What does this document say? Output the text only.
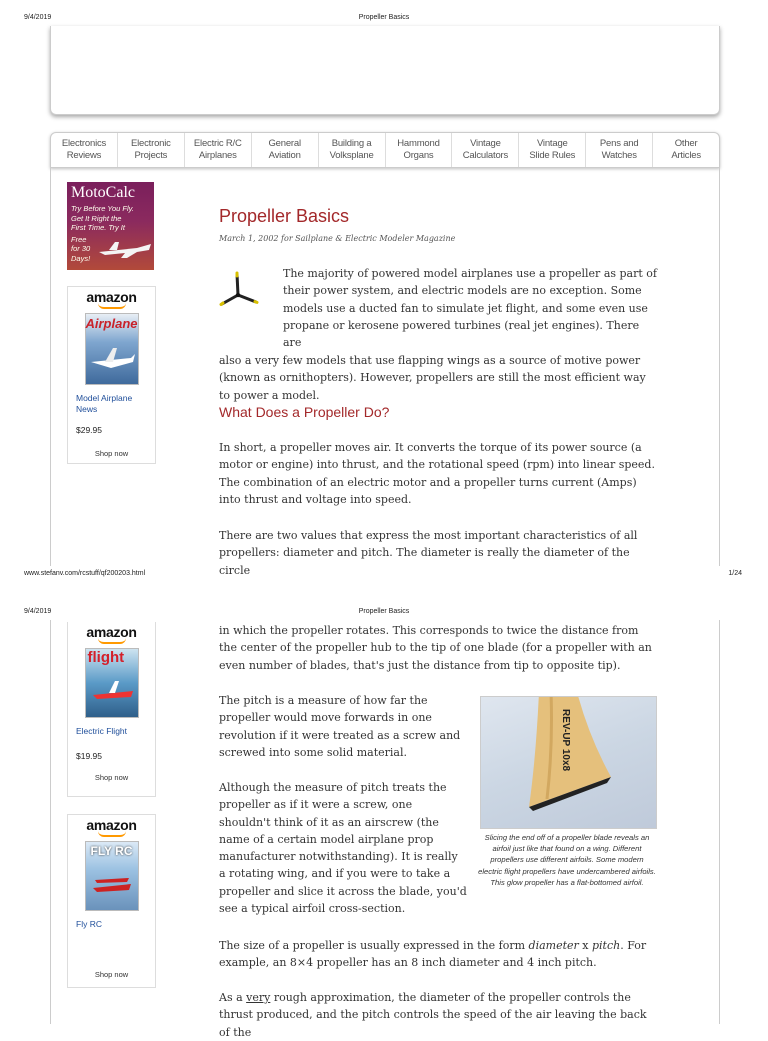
9/4/2019	Propeller Basics
Electronics
Reviews
Electronic
Projects
Electric R/C
Airplanes
General
Aviation
Building a
Volksplane
Hammond
Organs
Vintage
Calculators
Vintage
Slide Rules
Pens and
Watches
Other
Articles
MotoCalc
Try Before You Fly.
Get It Right the
First Time. Try It
Free
for 30
Days!
amazon
Airplane
Model Airplane
News
$29.95
Shop now
Propeller Basics
March 1, 2002 for Sailplane & Electric Modeler Magazine

The majority of powered model airplanes use a propeller as part of their power system, and electric models are no exception. Some models use a ducted fan to simulate jet flight, and some even use propane or kerosene powered turbines (real jet engines). There are

also a very few models that use flapping wings as a source of motive power (known as ornithopters). However, propellers are still the most efficient way to power a model.

What Does a Propeller Do?

In short, a propeller moves air. It converts the torque of its power source (a motor or engine) into thrust, and the rotational speed (rpm) into linear speed. The combination of an electric motor and a propeller turns current (Amps) into thrust and voltage into speed.

There are two values that express the most important characteristics of all propellers: diameter and pitch. The diameter is really the diameter of the circle

www.stefanv.com/rcstuff/qf200203.html	1/24
9/4/2019	Propeller Basics
amazon
flight
Electric Flight
$19.95
Shop now
amazon
FLY RC
Fly RC
Shop now

in which the propeller rotates. This corresponds to twice the distance from the center of the propeller hub to the tip of one blade (for a propeller with an even number of blades, that's just the distance from tip to opposite tip).

The pitch is a measure of how far the propeller would move forwards in one revolution if it were treated as a screw and screwed into some solid material.

Although the measure of pitch treats the propeller as if it were a screw, one shouldn't think of it as an airscrew (the name of a certain model airplane prop manufacturer notwithstanding). It is really a rotating wing, and if you were to take a propeller and slice it across the blade, you'd see a typical airfoil cross-section.

REV-UP 10x8
Slicing the end off of a propeller blade reveals an airfoil just like that found on a wing. Different propellers use different airfoils. Some modern electric flight propellers have undercambered airfoils. This glow propeller has a flat-bottomed airfoil.

The size of a propeller is usually expressed in the form diameter x pitch. For example, an 8×4 propeller has an 8 inch diameter and 4 inch pitch.

As a very rough approximation, the diameter of the propeller controls the thrust produced, and the pitch controls the speed of the air leaving the back of the
